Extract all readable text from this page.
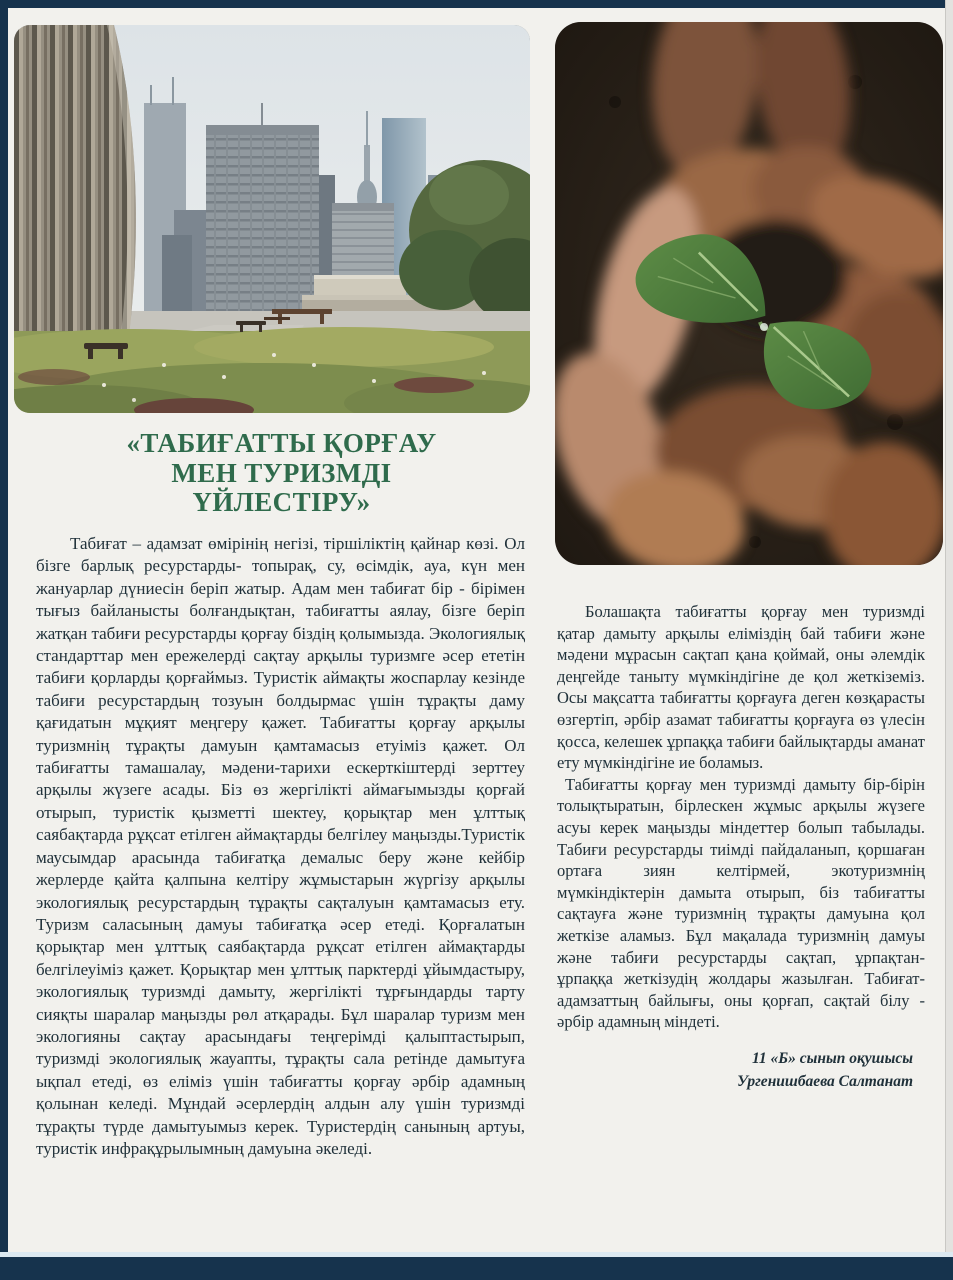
«ТАБИҒАТТЫ ҚОРҒАУ
МЕН ТУРИЗМДІ
ҮЙЛЕСТІРУ»

Табиғат – адамзат өмірінің негізі, тіршіліктің қайнар көзі. Ол бізге барлық ресурстарды- топырақ, су, өсімдік, ауа, күн мен жануарлар дүниесін беріп жатыр. Адам мен табиғат бір - бірімен тығыз байланысты болғандықтан, табиғатты аялау, бізге беріп жатқан табиғи ресурстарды қорғау біздің қолымызда. Экологиялық стандарттар мен ережелерді сақтау арқылы туризмге әсер ететін табиғи қорларды қорғаймыз. Туристік аймақты жоспарлау кезінде табиғи ресурстардың тозуын болдырмас үшін тұрақты даму қағидатын мұқият меңгеру қажет. Табиғатты қорғау арқылы туризмнің тұрақты дамуын қамтамасыз етуіміз қажет. Ол табиғатты тамашалау, мәдени-тарихи ескерткіштерді зерттеу арқылы жүзеге асады. Біз өз жергілікті аймағымызды қорғай отырып, туристік қызметті шектеу, қорықтар мен ұлттық саябақтарда рұқсат етілген аймақтарды белгілеу маңызды.Туристік маусымдар арасында табиғатқа демалыс беру және кейбір жерлерде қайта қалпына келтіру жұмыстарын жүргізу арқылы экологиялық ресурстардың тұрақты сақталуын қамтамасыз ету. Туризм саласының дамуы табиғатқа әсер етеді. Қорғалатын қорықтар мен ұлттық саябақтарда рұқсат етілген аймақтарды белгілеуіміз қажет. Қорықтар мен ұлттық парктерді ұйымдастыру, экологиялық туризмді дамыту, жергілікті тұрғындарды тарту сияқты шаралар маңызды рөл атқарады. Бұл шаралар туризм мен экологияны сақтау арасындағы теңгерімді қалыптастырып, туризмді экологиялық жауапты, тұрақты сала ретінде дамытуға ықпал етеді, өз еліміз үшін табиғатты қорғау әрбір адамның қолынан келеді. Мұндай әсерлердің алдын алу үшін туризмді тұрақты түрде дамытуымыз керек. Туристердің санының артуы, туристік инфрақұрылымның дамуына әкеледі.

Болашақта табиғатты қорғау мен туризмді қатар дамыту арқылы еліміздің бай табиғи және мәдени мұрасын сақтап қана қоймай, оны әлемдік деңгейде таныту мүмкіндігіне де қол жеткіземіз. Осы мақсатта табиғатты қорғауға деген көзқарасты өзгертіп, әрбір азамат табиғатты қорғауға өз үлесін қосса, келешек ұрпаққа табиғи байлықтарды аманат ету мүмкіндігіне ие боламыз.

Табиғатты қорғау мен туризмді дамыту бір-бірін толықтыратын, бірлескен жұмыс арқылы жүзеге асуы керек маңызды міндеттер болып табылады. Табиғи ресурстарды тиімді пайдаланып, қоршаған ортаға зиян келтірмей, экотуризмнің мүмкіндіктерін дамыта отырып, біз табиғатты сақтауға және туризмнің тұрақты дамуына қол жеткізе аламыз. Бұл мақалада туризмнің дамуы және табиғи ресурстарды сақтап, ұрпақтан- ұрпаққа жеткізудің жолдары жазылған. Табиғат- адамзаттың байлығы, оны қорғап, сақтай білу - әрбір адамның міндеті.

11 «Б» сынып оқушысы
Ургенишбаева Салтанат
